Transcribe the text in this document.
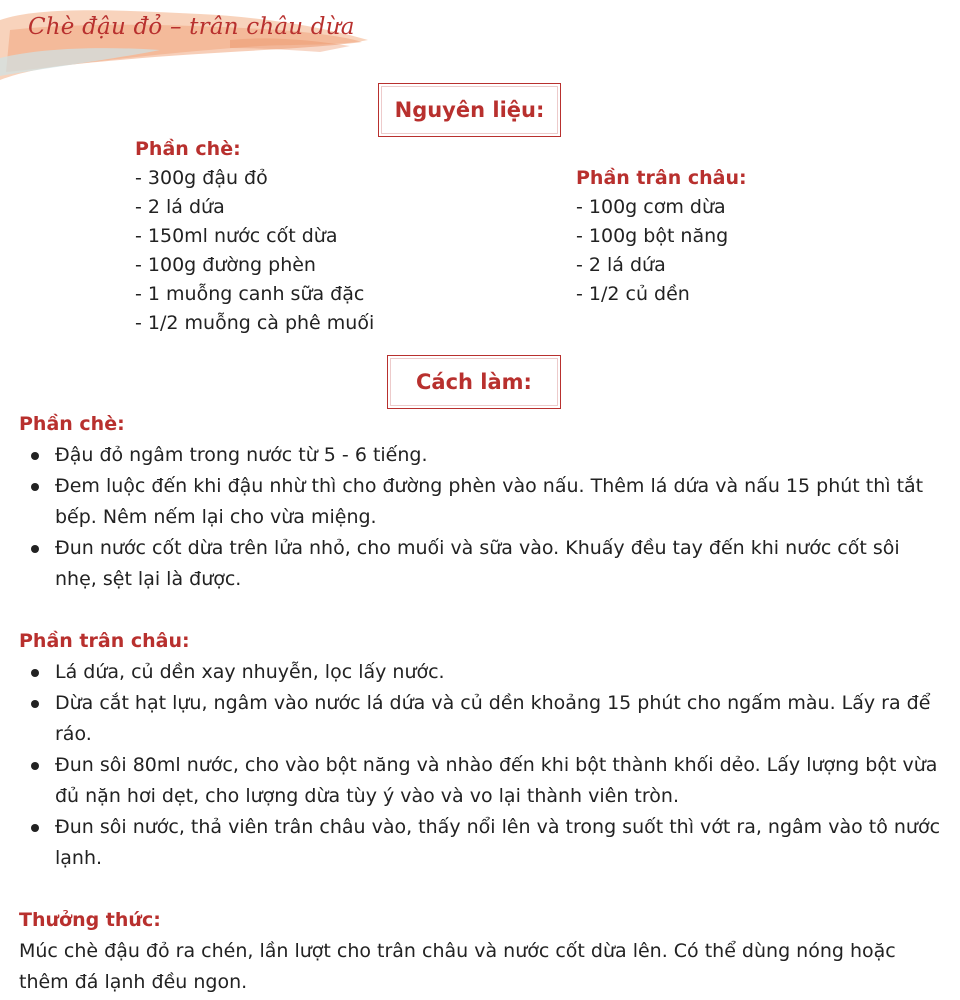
Chè đậu đỏ – trân châu dừa
Nguyên liệu:
Phần chè:
- 300g đậu đỏ
- 2 lá dứa
- 150ml nước cốt dừa
- 100g đường phèn
- 1 muỗng canh sữa đặc
- 1/2 muỗng cà phê muối
Phần trân châu:
- 100g cơm dừa
- 100g bột năng
- 2 lá dứa
- 1/2 củ dền
Cách làm:
Phần chè:
Đậu đỏ ngâm trong nước từ 5 - 6 tiếng.
Đem luộc đến khi đậu nhừ thì cho đường phèn vào nấu. Thêm lá dứa và nấu 15 phút thì tắt bếp. Nêm nếm lại cho vừa miệng.
Đun nước cốt dừa trên lửa nhỏ, cho muối và sữa vào. Khuấy đều tay đến khi nước cốt sôi nhẹ, sệt lại là được.
Phần trân châu:
Lá dứa, củ dền xay nhuyễn, lọc lấy nước.
Dừa cắt hạt lựu, ngâm vào nước lá dứa và củ dền khoảng 15 phút cho ngấm màu. Lấy ra để ráo.
Đun sôi 80ml nước, cho vào bột năng và nhào đến khi bột thành khối dẻo. Lấy lượng bột vừa đủ nặn hơi dẹt, cho lượng dừa tùy ý vào và vo lại thành viên tròn.
Đun sôi nước, thả viên trân châu vào, thấy nổi lên và trong suốt thì vớt ra, ngâm vào tô nước lạnh.
Thưởng thức:
Múc chè đậu đỏ ra chén, lần lượt cho trân châu và nước cốt dừa lên. Có thể dùng nóng hoặc thêm đá lạnh đều ngon.
